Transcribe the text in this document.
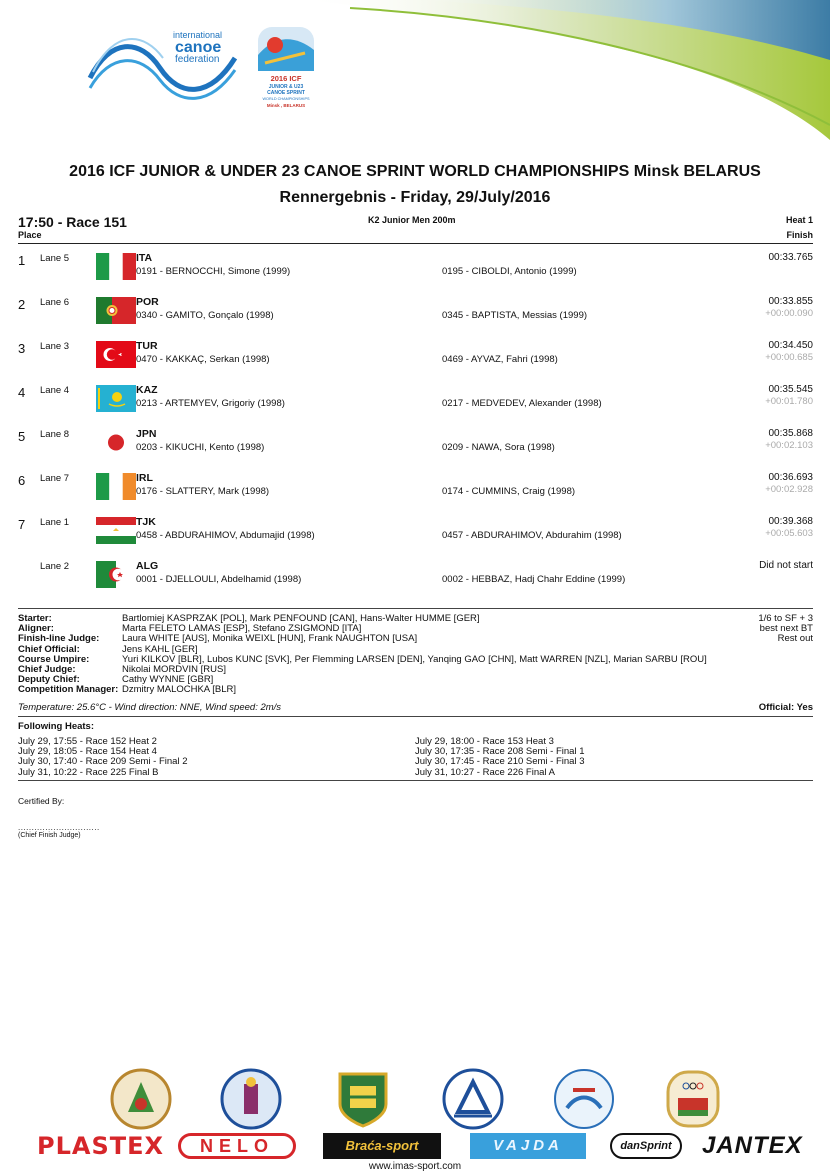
international
canoe
federation
2016 ICF
JUNIOR & U23
CANOE SPRINT
WORLD CHAMPIONSHIPS
Minsk , BELARUS
2016 ICF JUNIOR & UNDER 23 CANOE SPRINT WORLD CHAMPIONSHIPS Minsk BELARUS
Rennergebnis - Friday, 29/July/2016
17:50 - Race 151
Place
K2 Junior Men 200m	Heat 1
Finish
1 Lane 5	ITA
0191 - BERNOCCHI, Simone (1999)	0195 - CIBOLDI, Antonio (1999)
00:33.765
2 Lane 6	POR
0340 - GAMITO, Gonçalo (1998)	0345 - BAPTISTA, Messias (1999)
00:33.855
+00:00.090
3 Lane 3	TUR
0470 - KAKKAÇ, Serkan (1998)	0469 - AYVAZ, Fahri (1998)
00:34.450
+00:00.685
4 Lane 4	KAZ
0213 - ARTEMYEV, Grigoriy (1998)	0217 - MEDVEDEV, Alexander (1998)
00:35.545
+00:01.780
5 Lane 8	JPN
0203 - KIKUCHI, Kento (1998)	0209 - NAWA, Sora (1998)
00:35.868
+00:02.103
6 Lane 7	IRL
0176 - SLATTERY, Mark (1998)	0174 - CUMMINS, Craig (1998)
00:36.693
+00:02.928
7 Lane 1	TJK
0458 - ABDURAHIMOV, Abdumajid (1998)	0457 - ABDURAHIMOV, Abdurahim (1998)
00:39.368
+00:05.603
Lane 2	ALG
0001 - DJELLOULI, Abdelhamid (1998)	0002 - HEBBAZ, Hadj Chahr Eddine (1999)
Did not start
Starter:	Bartlomiej KASPRZAK [POL], Mark PENFOUND [CAN], Hans-Walter HUMME [GER]
Aligner:	Marta FELETO LAMAS [ESP], Stefano ZSIGMOND [ITA]
Finish-line Judge: Laura WHITE [AUS], Monika WEIXL [HUN], Frank NAUGHTON [USA]
Chief Official:	Jens KAHL [GER]
Course Umpire:	Yuri KILKOV [BLR], Lubos KUNC [SVK], Per Flemming LARSEN [DEN], Yanqing GAO [CHN], Matt WARREN [NZL], Marian SARBU [ROU]
Chief Judge:	Nikolai MORDVIN [RUS]
Deputy Chief:	Cathy WYNNE [GBR]
Competition Manager: Dzmitry MALOCHKA [BLR]
1/6 to SF + 3
best next BT
Rest out
Temperature: 25.6°C - Wind direction: NNE, Wind speed: 2m/s	Official: Yes
Following Heats:
July 29, 17:55 - Race 152 Heat 2
July 29, 18:05 - Race 154 Heat 4
July 30, 17:40 - Race 209 Semi - Final 2
July 31, 10:22 - Race 225 Final B
July 29, 18:00 - Race 153 Heat 3
July 30, 17:35 - Race 208 Semi - Final 1
July 30, 17:45 - Race 210 Semi - Final 3
July 31, 10:27 - Race 226 Final A
Certified By:
..............................
(Chief Finish Judge)
PLASTEX	NELO	Braća-sport	VAJDA	danSprint	JANTEX
www.imas-sport.com
